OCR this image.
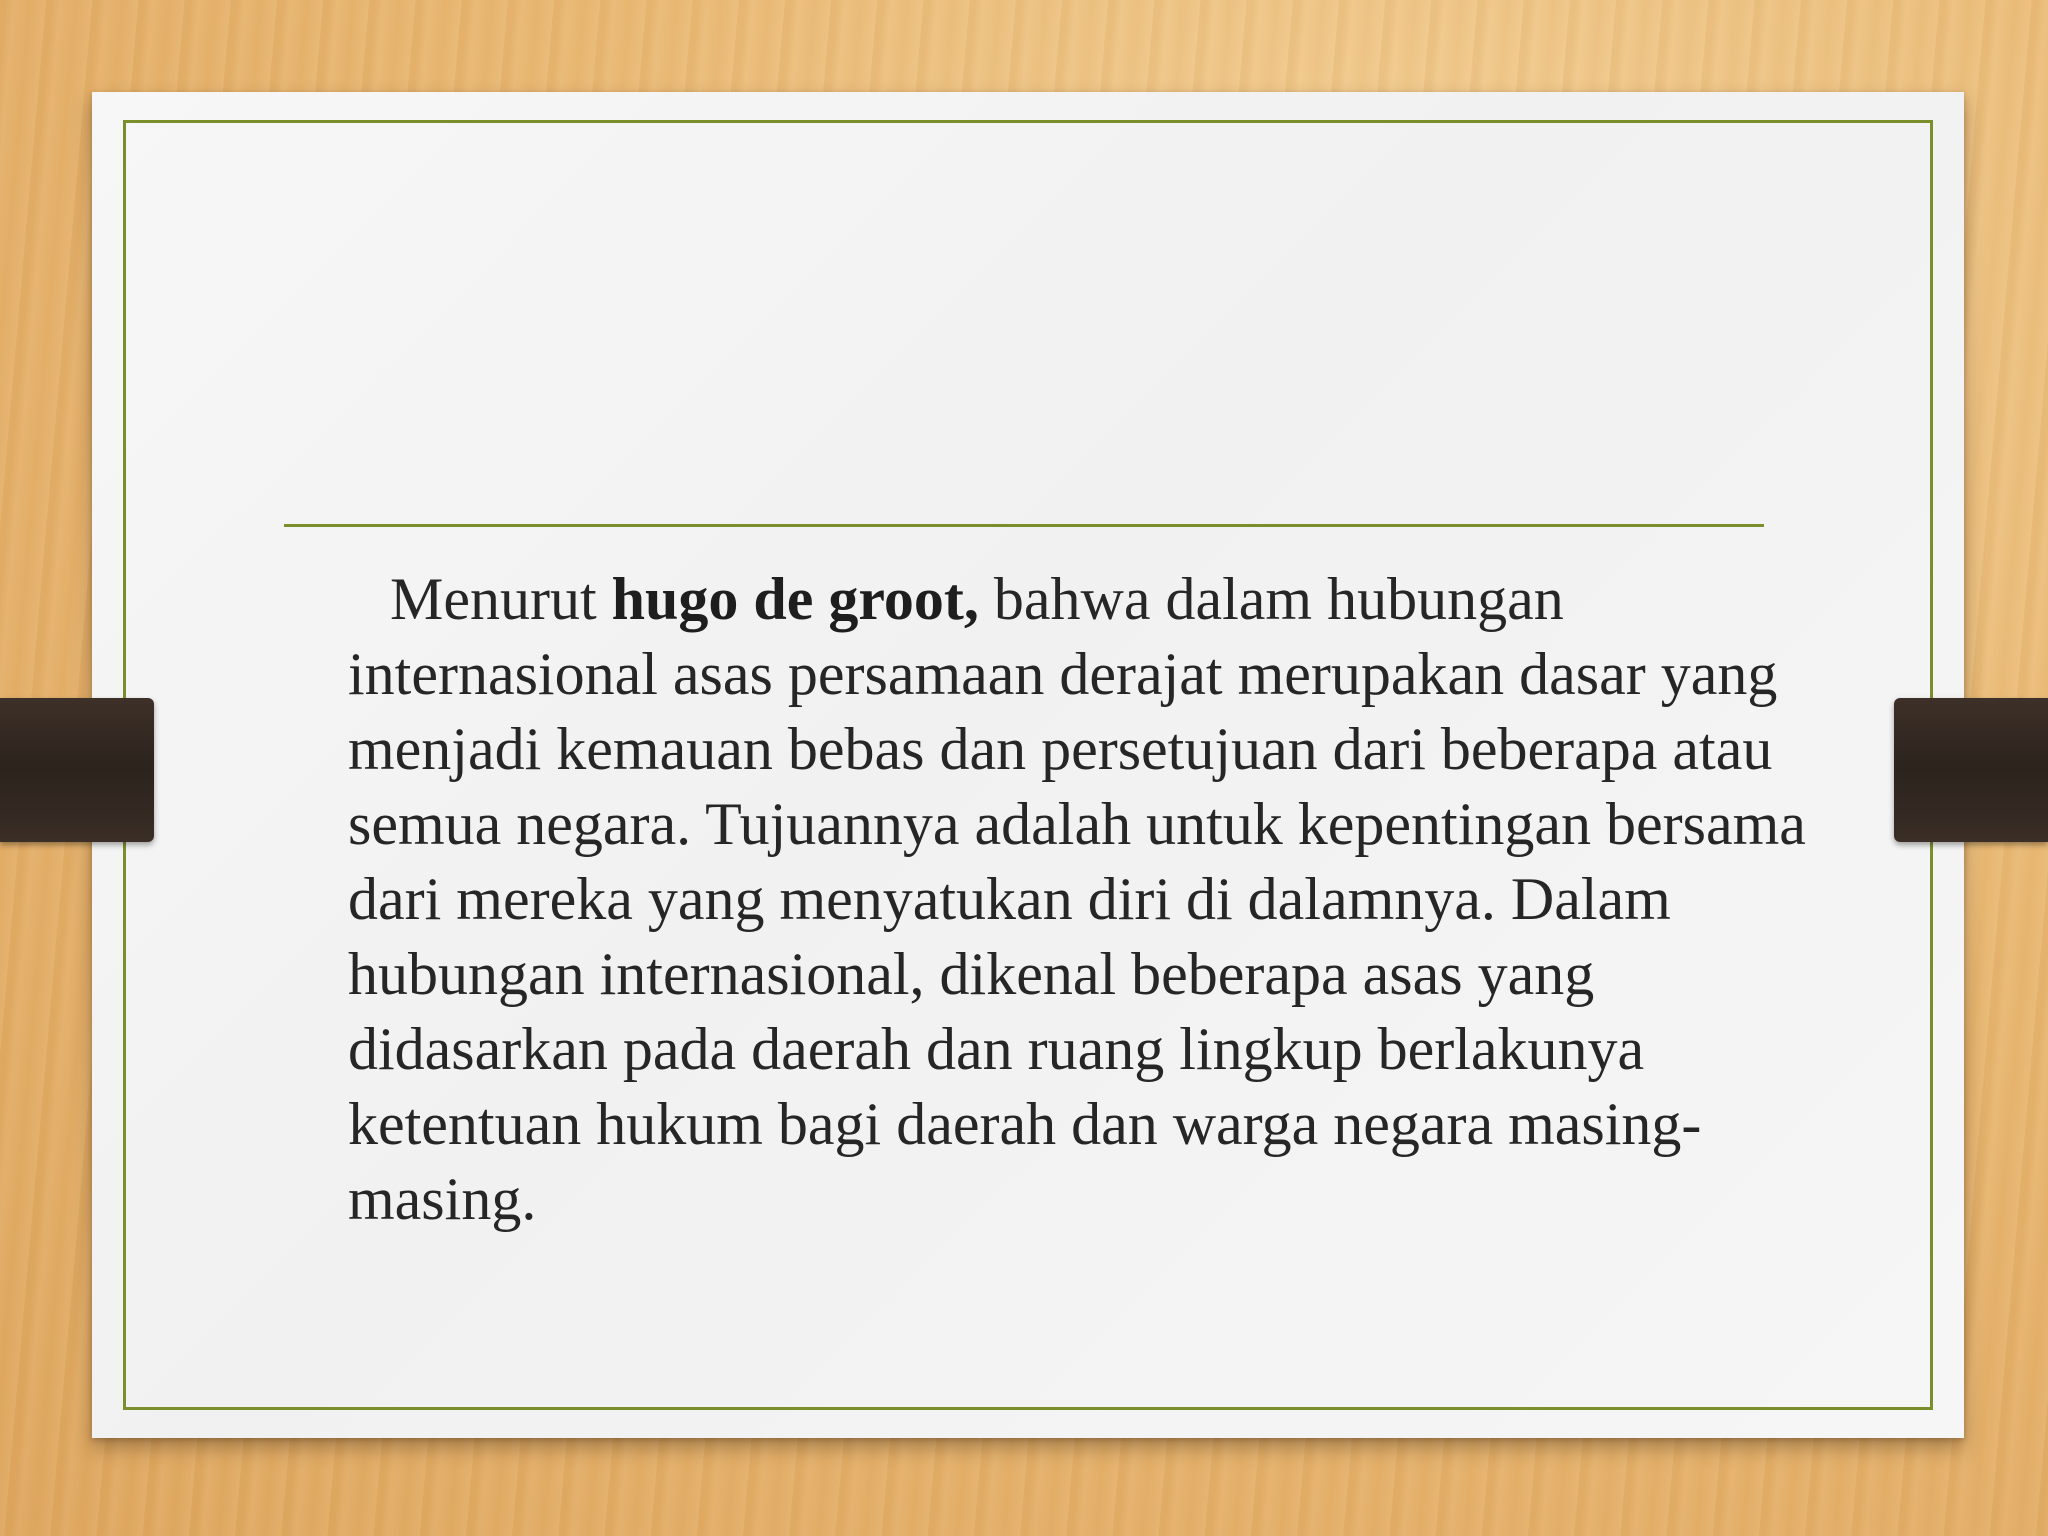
Menurut hugo de groot, bahwa dalam hubungan internasional asas persamaan derajat merupakan dasar yang menjadi kemauan bebas dan persetujuan dari beberapa atau semua negara. Tujuannya adalah untuk kepentingan bersama dari mereka yang menyatukan diri di dalamnya. Dalam hubungan internasional, dikenal beberapa asas yang didasarkan pada daerah dan ruang lingkup berlakunya ketentuan hukum bagi daerah dan warga negara masing-masing.
